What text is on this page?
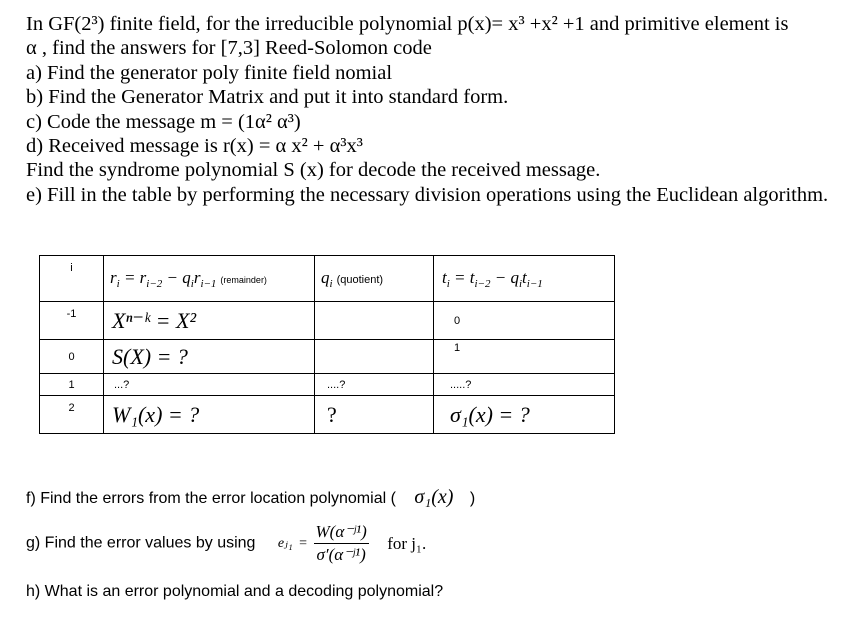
In GF(2³) finite field, for the irreducible polynomial p(x)= x³ +x² +1 and primitive element is
α , find the answers for [7,3] Reed-Solomon code
a) Find the generator poly finite field nomial
b) Find the Generator Matrix and put it into standard form.
c) Code the message m = (1α² α³)
d) Received message is r(x) = α x² + α³x³
Find the syndrome polynomial S (x) for decode the received message.
e) Fill in the table by performing the necessary division operations using the Euclidean algorithm.
i	$r_i = r_{i-2} - q_ir_{i-1}$ (remainder)	$q_i$ (quotient)	$t_i = t_{i-2} - q_it_{i-1}$
-1	Xⁿ⁻ᵏ = X²		0
0	S(X) = ?		1
1	...?	....?	.....?
2	W₁(x) = ?	?	σ₁(x) = ?
f) Find the errors from the error location polynomial ( σ₁(x) )
g) Find the error values by using eⱼ₁ = $\frac{\text{W(α⁻ʲ¹)}}{\text{σ′(α⁻ʲ¹)}}$ for j₁.
h) What is an error polynomial and a decoding polynomial?
